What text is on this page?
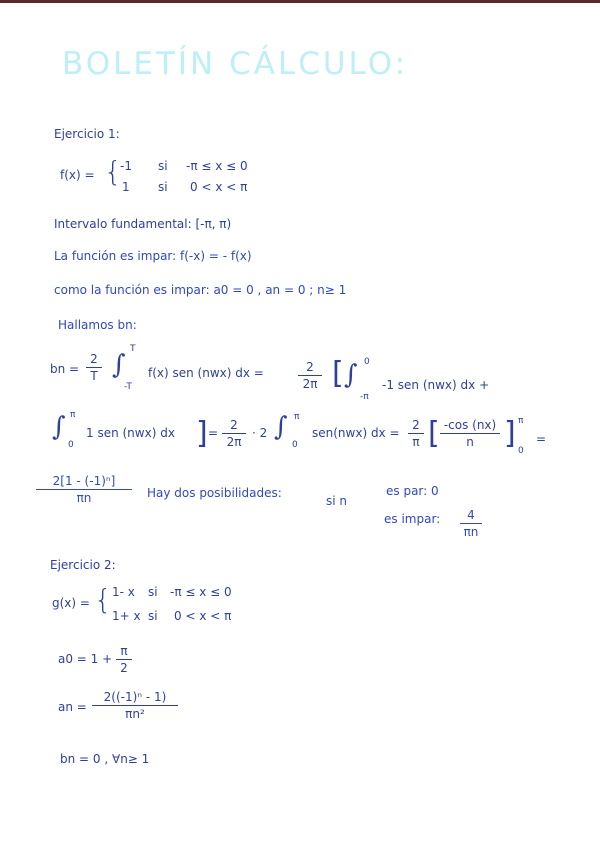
BOLETÍN CÁLCULO:
Ejercicio 1:
f(x) = {
-1 si -π ≤ x ≤ 0
1 si 0 < x < π
Intervalo fundamental: [-π, π)
La función es impar: f(-x) = - f(x)
como la función es impar: a0 = 0 , an = 0 ; n≥ 1
Hallamos bn:
bn =
2
T ∫
T
-T
f(x) sen (nwx) dx =	2
2π [ ∫ 0
-π
-1 sen (nwx) dx +
∫ π
0
1 sen (nwx) dx ] =
2
2π
· 2 ∫ π
0
sen(nwx) dx =
2
π [ -cos (nx)
n ] π
0
=
2[1 - (-1)ⁿ]
πn	Hay dos posibilidades:
si n
es par: 0
es impar: 4
πn
Ejercicio 2:
g(x) = { 1- x si -π ≤ x ≤ 0
1+ x si 0 < x < π
a0 = 1 +
π
2
an =
2((-1)ⁿ - 1)
πn²
bn = 0 , ∀n≥ 1
